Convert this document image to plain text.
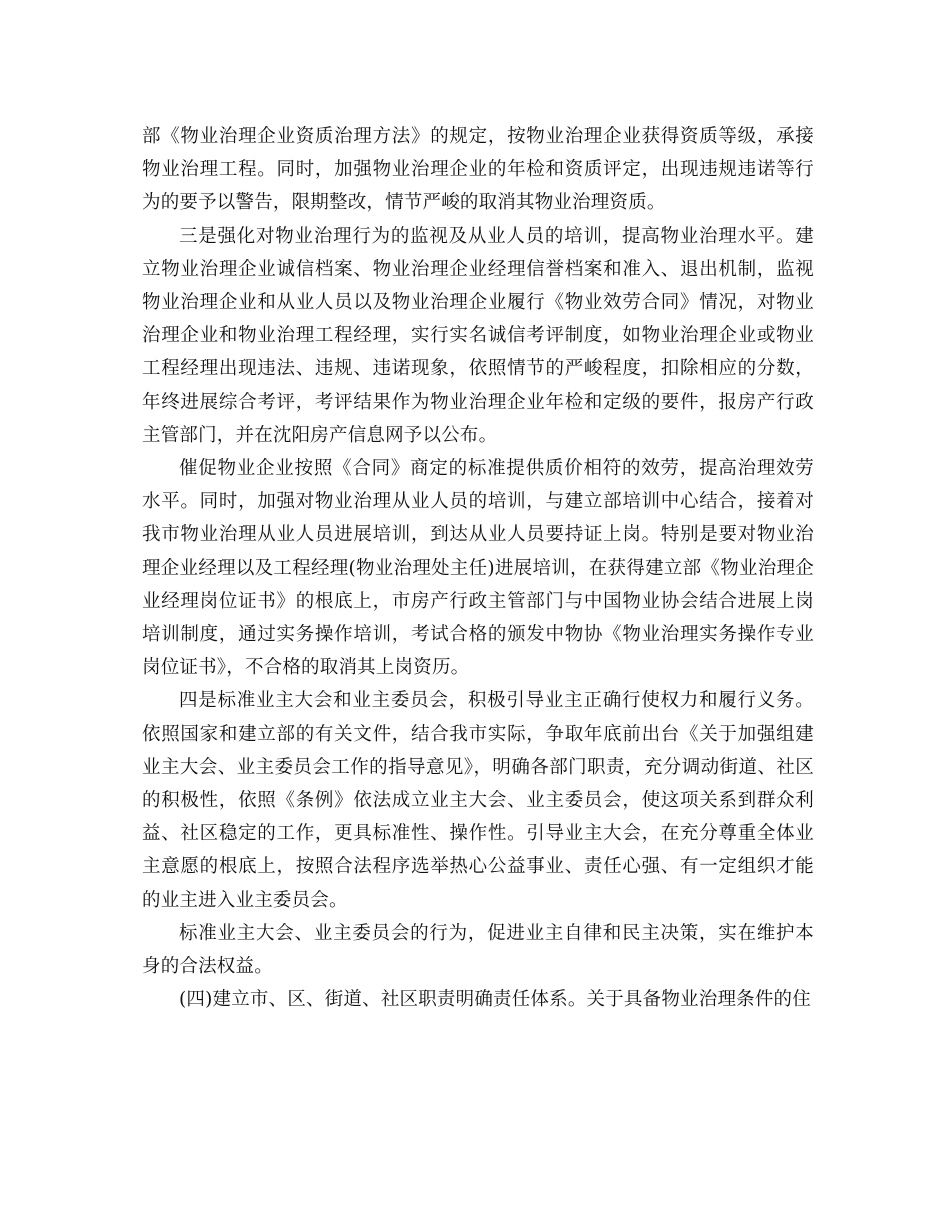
部《物业治理企业资质治理方法》的规定，按物业治理企业获得资质等级，承接物业治理工程。同时，加强物业治理企业的年检和资质评定，出现违规违诺等行为的要予以警告，限期整改，情节严峻的取消其物业治理资质。

三是强化对物业治理行为的监视及从业人员的培训，提高物业治理水平。建立物业治理企业诚信档案、物业治理企业经理信誉档案和准入、退出机制，监视物业治理企业和从业人员以及物业治理企业履行《物业效劳合同》情况，对物业治理企业和物业治理工程经理，实行实名诚信考评制度，如物业治理企业或物业工程经理出现违法、违规、违诺现象，依照情节的严峻程度，扣除相应的分数，年终进展综合考评，考评结果作为物业治理企业年检和定级的要件，报房产行政主管部门，并在沈阳房产信息网予以公布。

催促物业企业按照《合同》商定的标准提供质价相符的效劳，提高治理效劳水平。同时，加强对物业治理从业人员的培训，与建立部培训中心结合，接着对我市物业治理从业人员进展培训，到达从业人员要持证上岗。特别是要对物业治理企业经理以及工程经理(物业治理处主任)进展培训，在获得建立部《物业治理企业经理岗位证书》的根底上，市房产行政主管部门与中国物业协会结合进展上岗培训制度，通过实务操作培训，考试合格的颁发中物协《物业治理实务操作专业岗位证书》，不合格的取消其上岗资历。

四是标准业主大会和业主委员会，积极引导业主正确行使权力和履行义务。依照国家和建立部的有关文件，结合我市实际，争取年底前出台《关于加强组建业主大会、业主委员会工作的指导意见》，明确各部门职责，充分调动街道、社区的积极性，依照《条例》依法成立业主大会、业主委员会，使这项关系到群众利益、社区稳定的工作，更具标准性、操作性。引导业主大会，在充分尊重全体业主意愿的根底上，按照合法程序选举热心公益事业、责任心强、有一定组织才能的业主进入业主委员会。

标准业主大会、业主委员会的行为，促进业主自律和民主决策，实在维护本身的合法权益。

(四)建立市、区、街道、社区职责明确责任体系。关于具备物业治理条件的住
